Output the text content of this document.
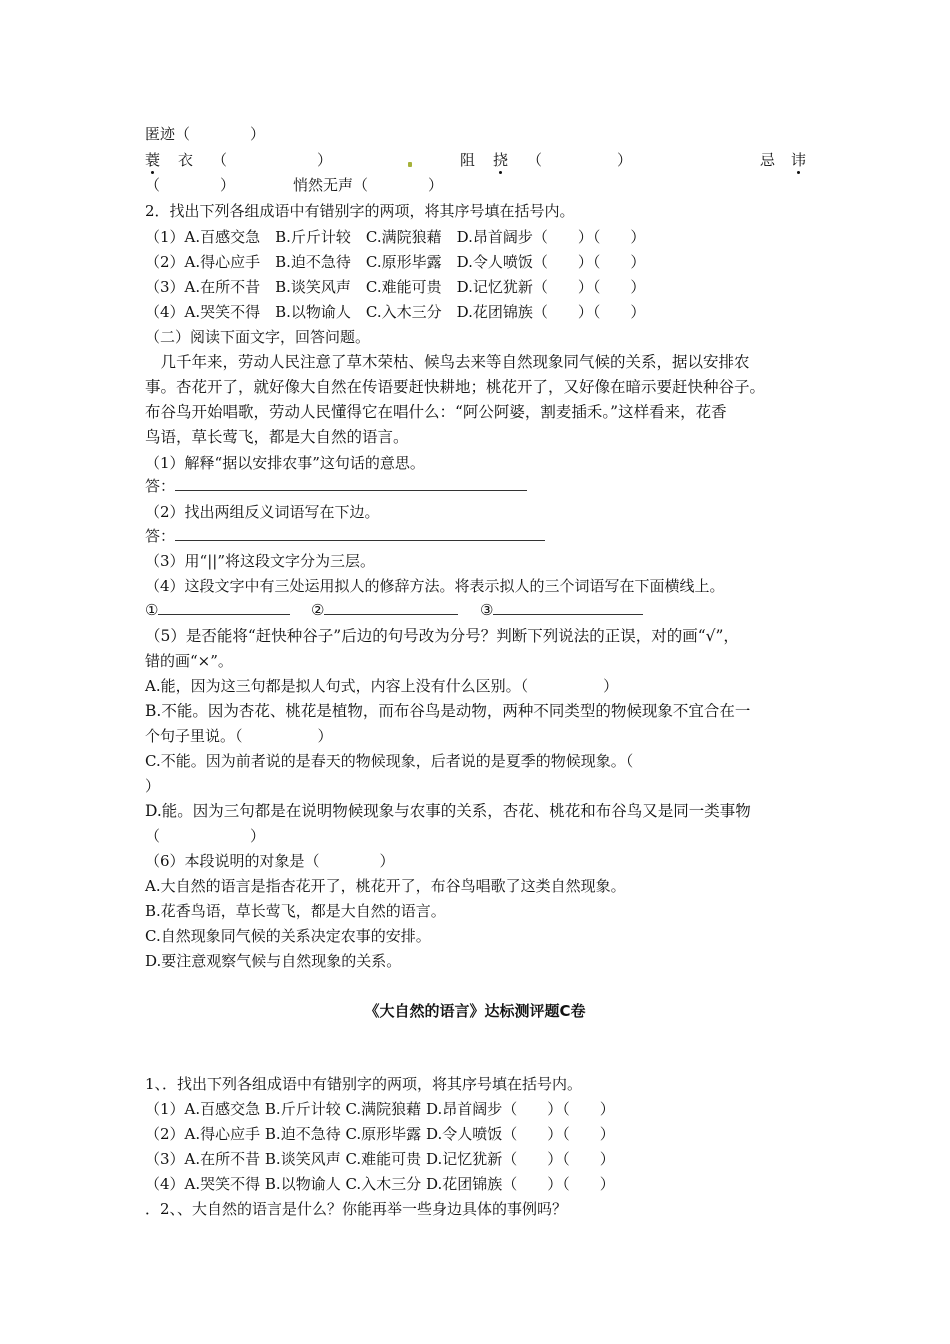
匿迹（　　　　）
蓑 衣 （　　　　　　）	阻 挠 （　　　　　）	忌 讳
（　　　　）	悄然无声（　　　　）
2．找出下列各组成语中有错别字的两项，将其序号填在括号内。
（1）A.百感交急　B.斤斤计较　C.满院狼藉　D.昂首阔步（　　）（　　）
（2）A.得心应手　B.迫不急待　C.原形毕露　D.令人喷饭（　　）（　　）
（3）A.在所不昔　B.谈笑风声　C.难能可贵　D.记忆犹新（　　）（　　）
（4）A.哭笑不得　B.以物谕人　C.入木三分　D.花团锦族（　　）（　　）
（二）阅读下面文字，回答问题。
　几千年来，劳动人民注意了草木荣枯、候鸟去来等自然现象同气候的关系，据以安排农
事。杏花开了，就好像大自然在传语要赶快耕地；桃花开了，又好像在暗示要赶快种谷子。
布谷鸟开始唱歌，劳动人民懂得它在唱什么：“阿公阿婆，割麦插禾。”这样看来，花香
鸟语，草长莺飞，都是大自然的语言。
（1）解释“据以安排农事”这句话的意思。
答：
（2）找出两组反义词语写在下边。
答：
（3）用“||”将这段文字分为三层。
（4）这段文字中有三处运用拟人的修辞方法。将表示拟人的三个词语写在下面横线上。
①	②	③
（5）是否能将“赶快种谷子”后边的句号改为分号？判断下列说法的正误，对的画“√”，
错的画“×”。
A.能，因为这三句都是拟人句式，内容上没有什么区别。（　　　　　）
B.不能。因为杏花、桃花是植物，而布谷鸟是动物，两种不同类型的物候现象不宜合在一
个句子里说。（　　　　　）
C.不能。因为前者说的是春天的物候现象，后者说的是夏季的物候现象。（
）
D.能。因为三句都是在说明物候现象与农事的关系，杏花、桃花和布谷鸟又是同一类事物
（　　　　　　）
（6）本段说明的对象是（　　　　）
A.大自然的语言是指杏花开了，桃花开了，布谷鸟唱歌了这类自然现象。
B.花香鸟语，草长莺飞，都是大自然的语言。
C.自然现象同气候的关系决定农事的安排。
D.要注意观察气候与自然现象的关系。
《大自然的语言》达标测评题C卷
1、．找出下列各组成语中有错别字的两项，将其序号填在括号内。
（1）A.百感交急 B.斤斤计较 C.满院狼藉 D.昂首阔步（　　）（　　）
（2）A.得心应手 B.迫不急待 C.原形毕露 D.令人喷饭（　　）（　　）
（3）A.在所不昔 B.谈笑风声 C.难能可贵 D.记忆犹新（　　）（　　）
（4）A.哭笑不得 B.以物谕人 C.入木三分 D.花团锦族（　　）（　　）
．2、、大自然的语言是什么？你能再举一些身边具体的事例吗？
